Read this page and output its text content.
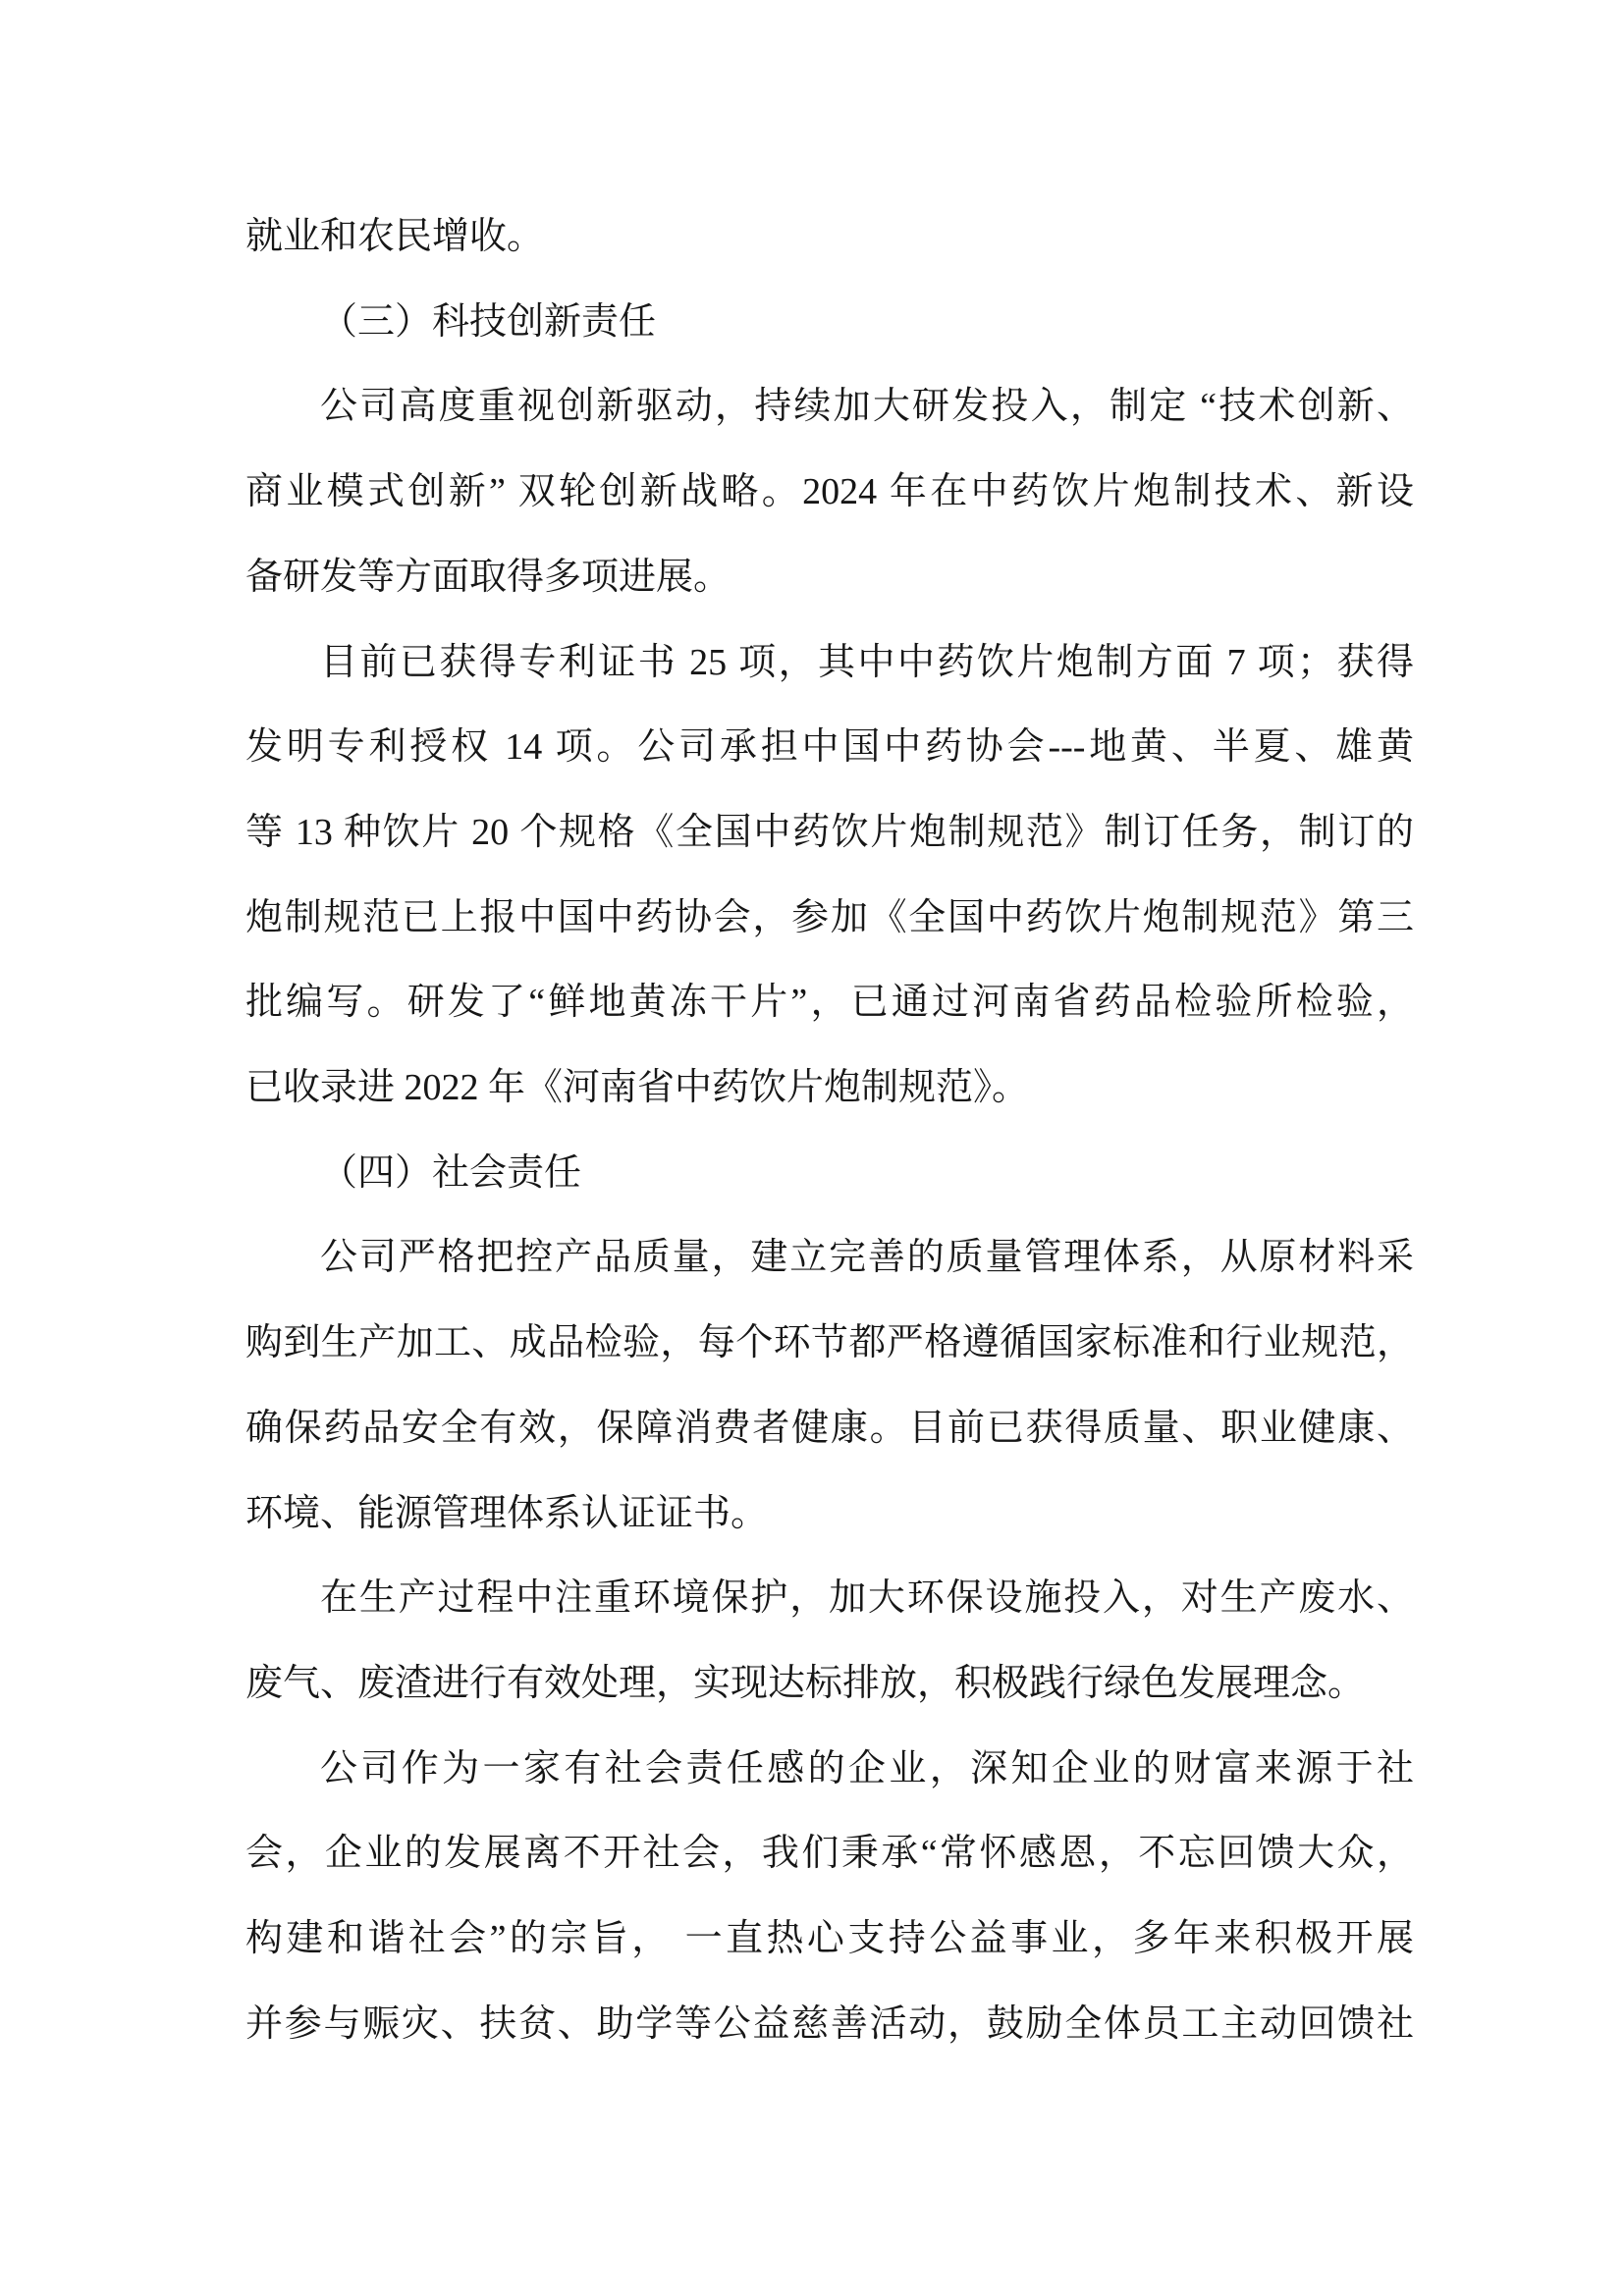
就业和农民增收。
（三）科技创新责任
公司高度重视创新驱动，持续加大研发投入，制定 “技术创新、
商业模式创新” 双轮创新战略。2024 年在中药饮片炮制技术、新设
备研发等方面取得多项进展。
目前已获得专利证书 25 项，其中中药饮片炮制方面 7 项；获得
发明专利授权 14 项。公司承担中国中药协会---地黄、半夏、雄黄
等 13 种饮片 20 个规格《全国中药饮片炮制规范》制订任务，制订的
炮制规范已上报中国中药协会，参加《全国中药饮片炮制规范》第三
批编写。研发了“鲜地黄冻干片”，已通过河南省药品检验所检验，
已收录进 2022 年《河南省中药饮片炮制规范》。
（四）社会责任
公司严格把控产品质量，建立完善的质量管理体系，从原材料采
购到生产加工、成品检验，每个环节都严格遵循国家标准和行业规范，
确保药品安全有效，保障消费者健康。目前已获得质量、职业健康、
环境、能源管理体系认证证书。
在生产过程中注重环境保护，加大环保设施投入，对生产废水、
废气、废渣进行有效处理，实现达标排放，积极践行绿色发展理念。
公司作为一家有社会责任感的企业，深知企业的财富来源于社
会，企业的发展离不开社会，我们秉承“常怀感恩，不忘回馈大众，
构建和谐社会”的宗旨， 一直热心支持公益事业，多年来积极开展
并参与赈灾、扶贫、助学等公益慈善活动，鼓励全体员工主动回馈社
